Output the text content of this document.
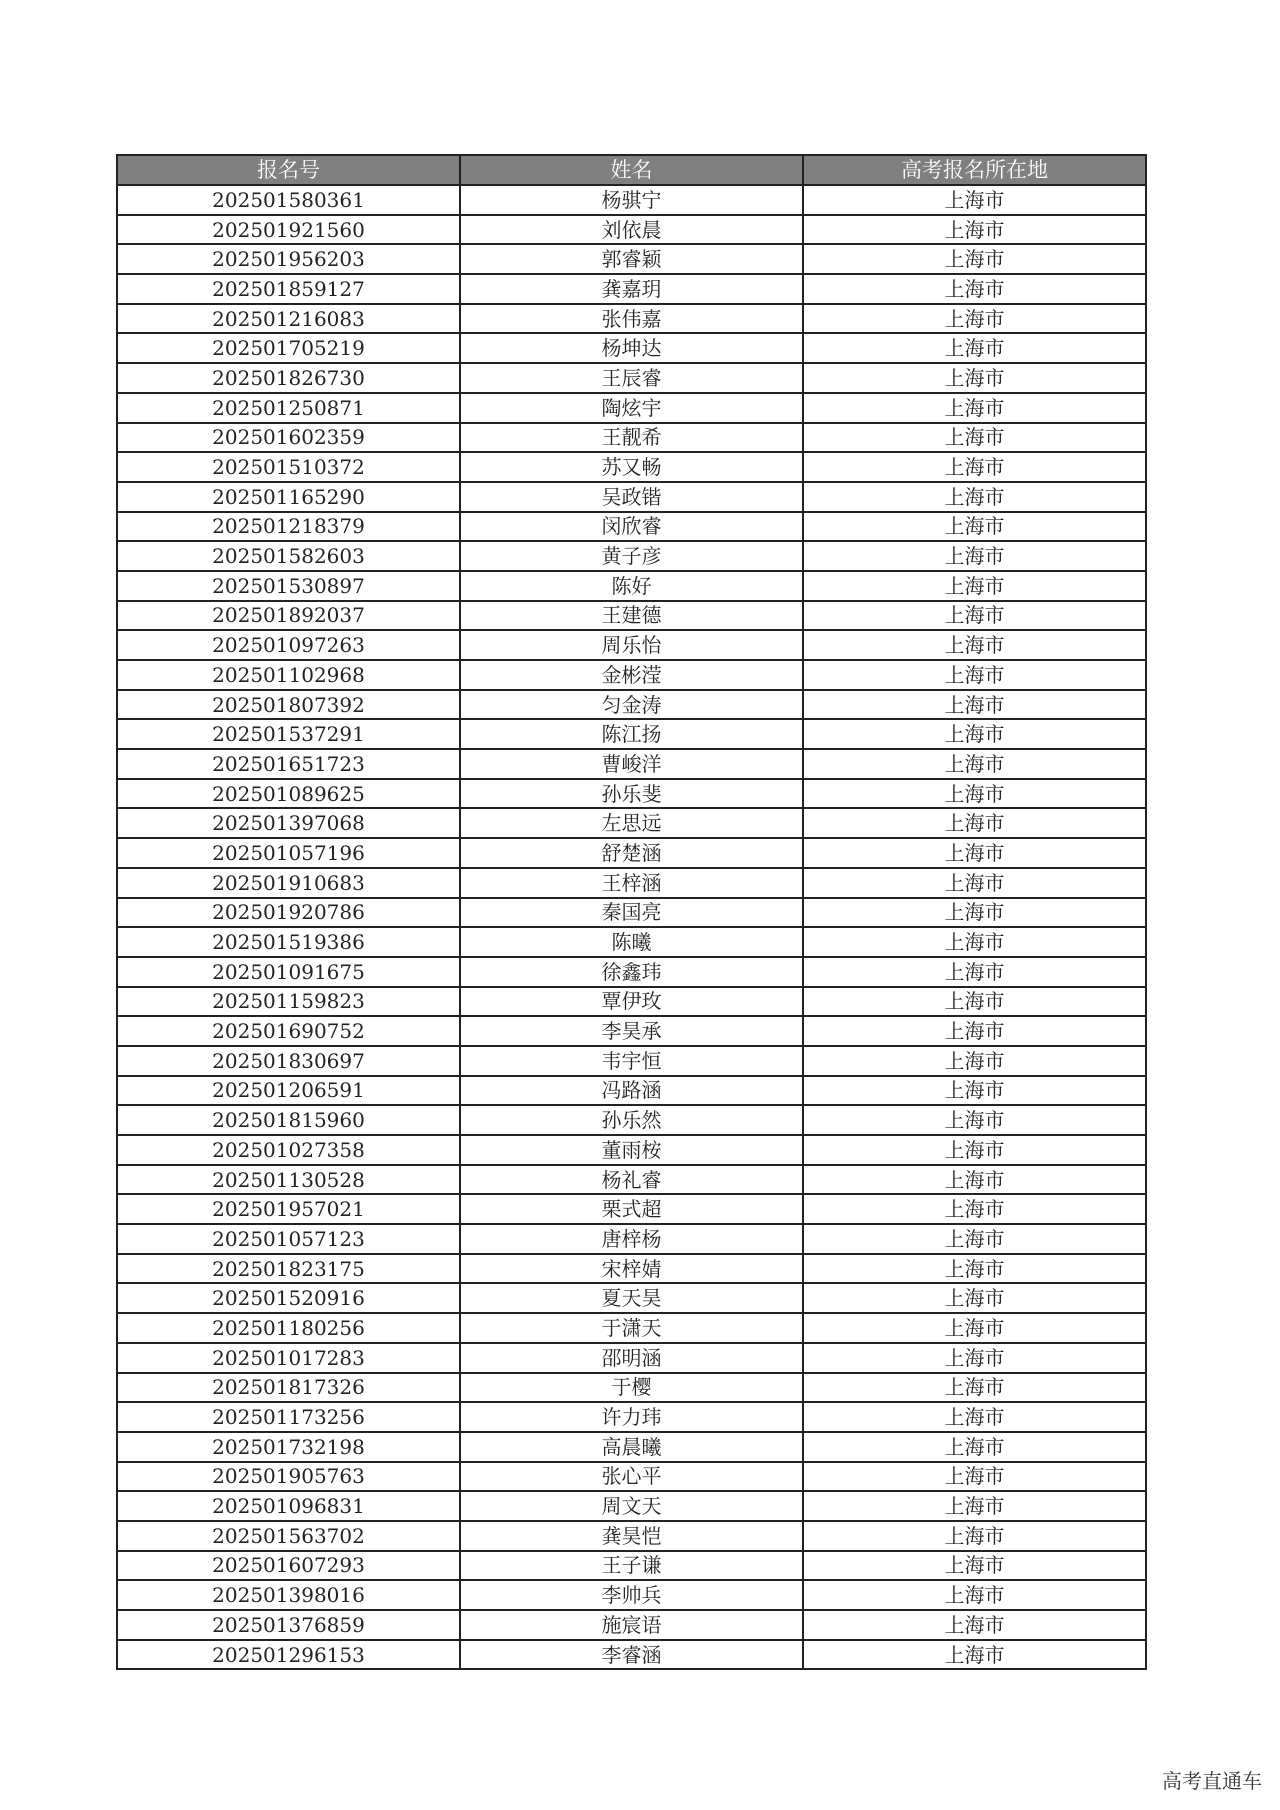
报名号	姓名	高考报名所在地
202501580361	杨骐宁	上海市
202501921560	刘依晨	上海市
202501956203	郭睿颖	上海市
202501859127	龚嘉玥	上海市
202501216083	张伟嘉	上海市
202501705219	杨坤达	上海市
202501826730	王辰睿	上海市
202501250871	陶炫宇	上海市
202501602359	王靓希	上海市
202501510372	苏又畅	上海市
202501165290	吴政锴	上海市
202501218379	闵欣睿	上海市
202501582603	黄子彦	上海市
202501530897	陈好	上海市
202501892037	王建德	上海市
202501097263	周乐怡	上海市
202501102968	金彬滢	上海市
202501807392	匀金涛	上海市
202501537291	陈江扬	上海市
202501651723	曹峻洋	上海市
202501089625	孙乐斐	上海市
202501397068	左思远	上海市
202501057196	舒楚涵	上海市
202501910683	王梓涵	上海市
202501920786	秦国亮	上海市
202501519386	陈曦	上海市
202501091675	徐鑫玮	上海市
202501159823	覃伊玫	上海市
202501690752	李昊承	上海市
202501830697	韦宇恒	上海市
202501206591	冯路涵	上海市
202501815960	孙乐然	上海市
202501027358	董雨桉	上海市
202501130528	杨礼睿	上海市
202501957021	栗式超	上海市
202501057123	唐梓杨	上海市
202501823175	宋梓婧	上海市
202501520916	夏天昊	上海市
202501180256	于潇天	上海市
202501017283	邵明涵	上海市
202501817326	于樱	上海市
202501173256	许力玮	上海市
202501732198	高晨曦	上海市
202501905763	张心平	上海市
202501096831	周文天	上海市
202501563702	龚昊恺	上海市
202501607293	王子谦	上海市
202501398016	李帅兵	上海市
202501376859	施宸语	上海市
202501296153	李睿涵	上海市

高考直通车
